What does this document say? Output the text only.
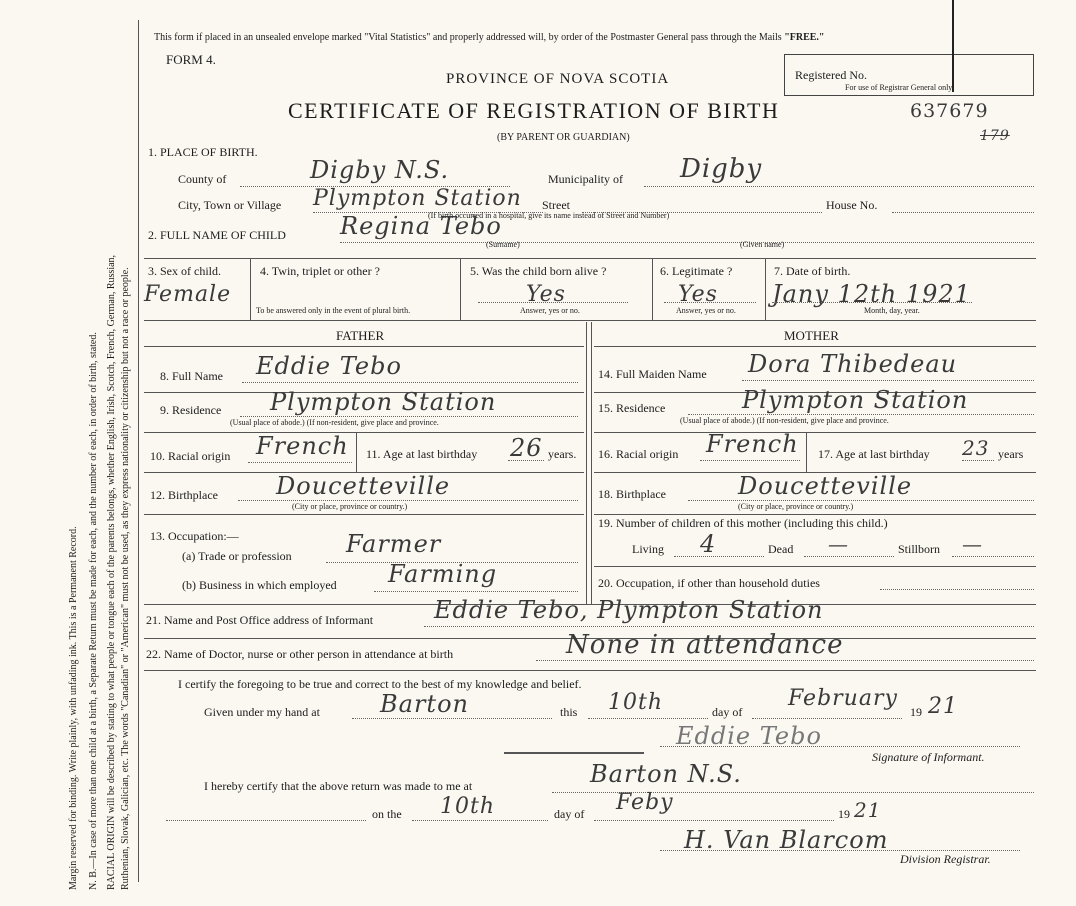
Margin reserved for binding. Write plainly, with unfading ink. This is a Permanent Record. N. B.—In case of more than one child at a birth, a Separate Return must be made for each, and the number of each, in order of birth, stated. RACIAL ORIGIN will be described by stating to what people or tongue each of the parents belongs, whether English, Irish, Scotch, French, German, Russian, Ruthenian, Slovak, Galician, etc. The words "Canadian" or "American" must not be used, as they express nationality or citizenship but not a race or people.
This form if placed in an unsealed envelope marked "Vital Statistics" and properly addressed will, by order of the Postmaster General pass through the Mails "FREE."
FORM 4.
Registered No.
For use of Registrar General only.
PROVINCE OF NOVA SCOTIA
CERTIFICATE OF REGISTRATION OF BIRTH
(BY PARENT OR GUARDIAN)
637679
179
1. PLACE OF BIRTH.
County of	Digby N.S.	Municipality of Digby
City, Town or Village Plympton Station Street	House No.
(If birth occurred in a hospital, give its name instead of Street and Number)
2. FULL NAME OF CHILD Regina Tebo
(Surname)	(Given name)
3. Sex of child.
Female
4. Twin, triplet or other ?
To be answered only in the event of plural birth.
5. Was the child born alive ?
Yes
Answer, yes or no.
6. Legitimate ?
Yes
Answer, yes or no.
7. Date of birth.
Jany 12th 1921
Month, day, year.
FATHER	MOTHER
8. Full Name Eddie Tebo
9. Residence Plympton Station
(Usual place of abode.) (If non-resident, give place and province.
10. Racial origin French 11. Age at last birthday 26 years.
12. Birthplace Doucetteville
(City or place, province or country.)
13. Occupation:—
(a) Trade or profession Farmer
(b) Business in which employed Farming
14. Full Maiden Name Dora Thibedeau
15. Residence	Plympton Station
(Usual place of abode.) (If non-resident, give place and province.
16. Racial origin French 17. Age at last birthday 23 years
18. Birthplace	Doucetteville
(City or place, province or country.)
19. Number of children of this mother (including this child.)
Living 4	Dead —	Stillborn —
20. Occupation, if other than household duties
21. Name and Post Office address of Informant	Eddie Tebo, Plympton Station
22. Name of Doctor, nurse or other person in attendance at birth	None in attendance
I certify the foregoing to be true and correct to the best of my knowledge and belief.
Given under my hand at	Barton	this 10th	day of
February
19 21
Eddie Tebo
Signature of Informant.
I hereby certify that the above return was made to me at	Barton N.S.
on the 10th	day of Feby	19 21
H. Van Blarcom
Division Registrar.
